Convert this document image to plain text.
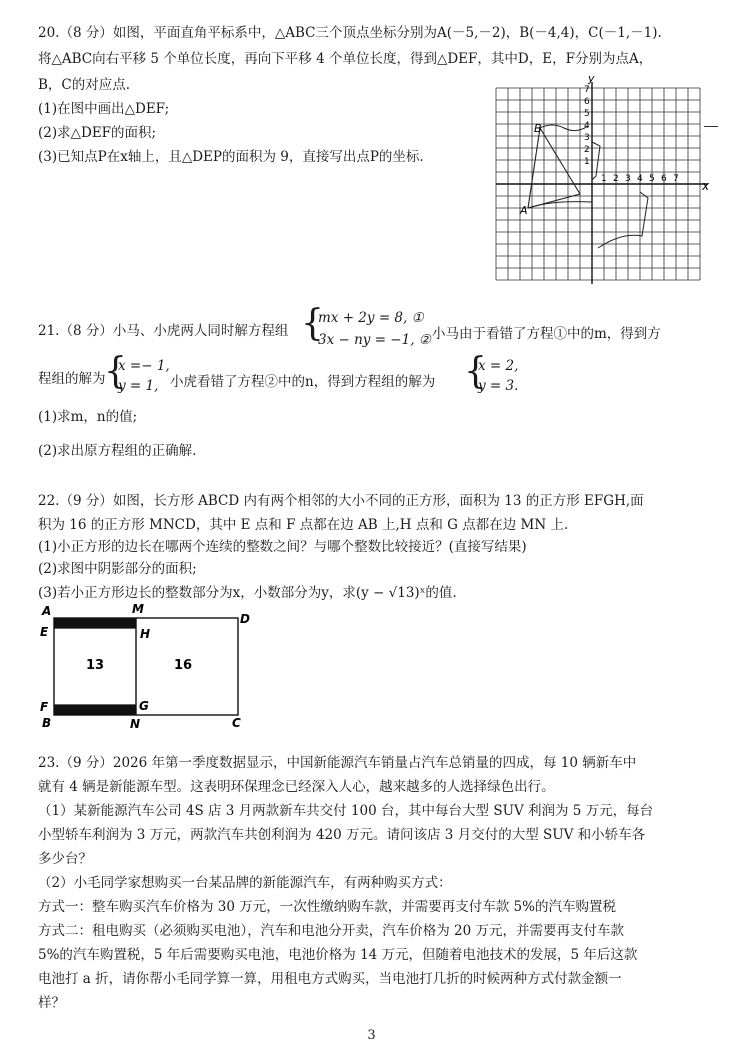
20.（8 分）如图，平面直角平标系中，△ABC三个顶点坐标分别为A(－5,－2)，B(－4,4)，C(－1,－1).
将△ABC向右平移 5 个单位长度，再向下平移 4 个单位长度，得到△DEF，其中D，E，F分别为点A，
B，C的对应点.
(1)在图中画出△DEF;
(2)求△DEF的面积;
(3)已知点P在x轴上，且△DEP的面积为 9，直接写出点P的坐标.
x
y
7
6
5
4
3
2
1
1 2 3 4 5 6 7
B
A
21.（8 分）小马、小虎两人同时解方程组 {
mx + 2y = 8, ①
3x − ny = −1, ② 小马由于看错了方程①中的m，得到方
程组的解为
{
x =− 1,
y = 1, 小虎看错了方程②中的n，得到方程组的解为 {
x = 2,
y = 3.
(1)求m，n的值;
(2)求出原方程组的正确解.
22.（9 分）如图，长方形 ABCD 内有两个相邻的大小不同的正方形，面积为 13 的正方形 EFGH,面
积为 16 的正方形 MNCD，其中 E 点和 F 点都在边 AB 上,H 点和 G 点都在边 MN 上.
(1)小正方形的边长在哪两个连续的整数之间？与哪个整数比较接近？(直接写结果)
(2)求图中阴影部分的面积;
(3)若小正方形边长的整数部分为x，小数部分为y，求(y − √13)ˣ的值.
13	16
A	M
D
E	H
F	G
B	N	C
23.（9 分）2026 年第一季度数据显示，中国新能源汽车销量占汽车总销量的四成，每 10 辆新车中
就有 4 辆是新能源车型。这表明环保理念已经深入人心，越来越多的人选择绿色出行。
（1）某新能源汽车公司 4S 店 3 月两款新车共交付 100 台，其中每台大型 SUV 利润为 5 万元，每台
小型轿车利润为 3 万元，两款汽车共创利润为 420 万元。请问该店 3 月交付的大型 SUV 和小轿车各
多少台？
（2）小毛同学家想购买一台某品牌的新能源汽车，有两种购买方式：
方式一：整车购买汽车价格为 30 万元，一次性缴纳购车款，并需要再支付车款 5%的汽车购置税
方式二：租电购买（必须购买电池），汽车和电池分开卖，汽车价格为 20 万元，并需要再支付车款
5%的汽车购置税，5 年后需要购买电池，电池价格为 14 万元，但随着电池技术的发展，5 年后这款
电池打 a 折，请你帮小毛同学算一算，用租电方式购买，当电池打几折的时候两种方式付款金额一
样？
3
